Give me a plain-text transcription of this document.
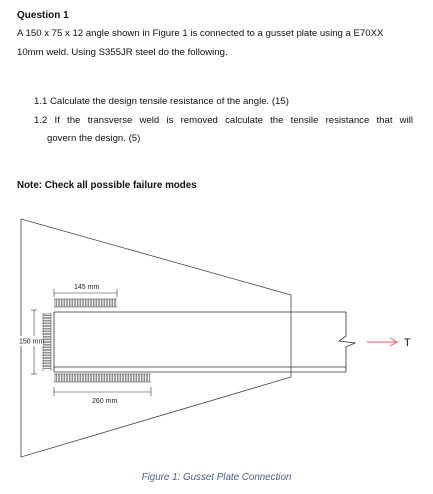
Question 1
A 150 x 75 x 12 angle shown in Figure 1 is connected to a gusset plate using a E70XX
10mm weld. Using S355JR steel do the following.
1.1 Calculate the design tensile resistance of the angle. (15)
1.2 If the transverse weld is removed calculate the tensile resistance that will
govern the design. (5)
Note: Check all possible failure modes
145 mm
150 mm
260 mm
T
Figure 1: Gusset Plate Connection
